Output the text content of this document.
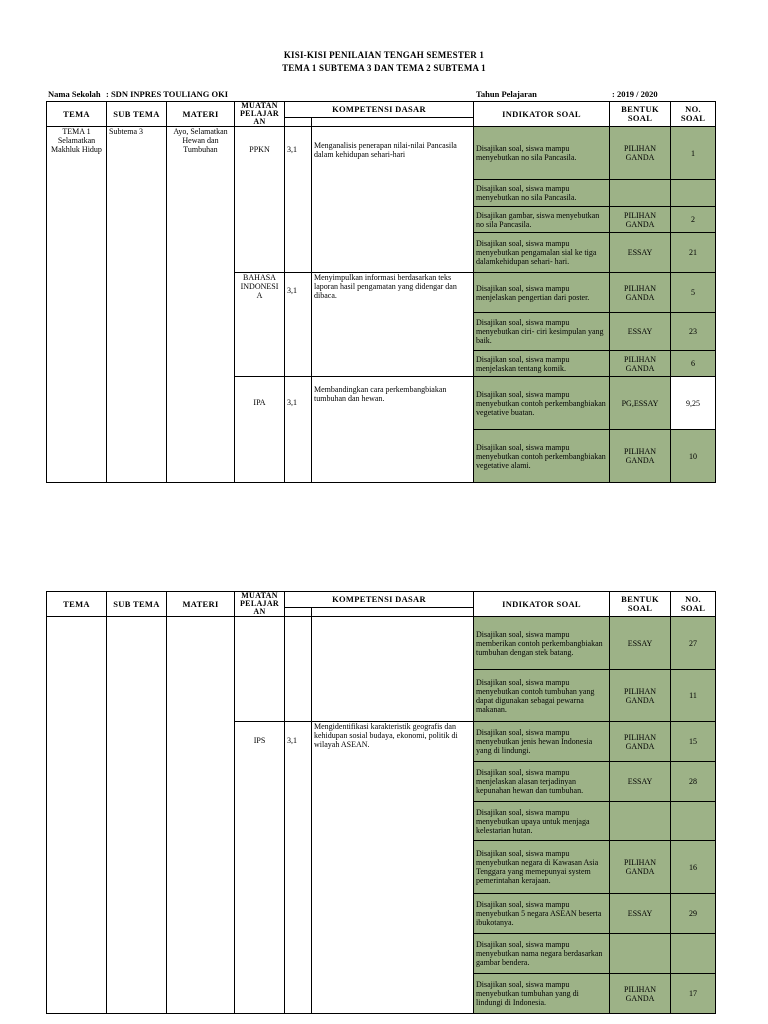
KISI-KISI PENILAIAN TENGAH SEMESTER 1
TEMA 1 SUBTEMA 3 DAN TEMA 2 SUBTEMA 1
Nama Sekolah : SDN INPRES TOULIANG OKI	Tahun Pelajaran	: 2019 / 2020
TEMA	SUB TEMA	MATERI	MUATAN PELAJAR AN	KOMPETENSI DASAR		INDIKATOR SOAL	BENTUK SOAL	NO. SOAL

TEMA 1 Selamatkan Makhluk Hidup	Subtema 3	Ayo, Selamatkan Hewan dan Tumbuhan	PPKN	3,1	Menganalisis penerapan nilai-nilai Pancasila dalam kehidupan sehari-hari	Disajikan soal, siswa mampu menyebutkan no sila Pancasila.	PILIHAN GANDA	1
						Disajikan soal, siswa mampu menyebutkan no sila Pancasila.		
						Disajikan gambar, siswa menyebutkan no sila Pancasila.	PILIHAN GANDA	2
						Disajikan soal, siswa mampu menyebutkan pengamalan sial ke tiga dalamkehidupan sehari- hari.	ESSAY	21
			BAHASA INDONESI A	3,1	Menyimpulkan informasi berdasarkan teks laporan hasil pengamatan yang didengar dan dibaca.	Disajikan soal, siswa mampu menjelaskan pengertian dari poster.	PILIHAN GANDA	5
						Disajikan soal, siswa mampu menyebutkan ciri- ciri kesimpulan yang baik.	ESSAY	23
						Disajikan soal, siswa mampu menjelaskan tentang komik.	PILIHAN GANDA	6
			IPA	3,1	Membandingkan cara perkembangbiakan tumbuhan dan hewan.	Disajikan soal, siswa mampu menyebutkan contoh perkembangbiakan vegetative buatan.	PG,ESSAY	9,25
						Disajikan soal, siswa mampu menyebutkan contoh perkembangbiakan vegetative alami.	PILIHAN GANDA	10
TEMA	SUB TEMA	MATERI	MUATAN PELAJAR AN	KOMPETENSI DASAR		INDIKATOR SOAL	BENTUK SOAL	NO. SOAL

						Disajikan soal, siswa mampu memberikan contoh perkembangbiakan tumbuhan dengan stek batang.	ESSAY	27
						Disajikan soal, siswa mampu menyebutkan contoh tumbuhan yang dapat digunakan sebagai pewarna makanan.	PILIHAN GANDA	11
			IPS	3,1	Mengidentifikasi karakteristik geografis dan kehidupan sosial budaya, ekonomi, politik di wilayah ASEAN.	Disajikan soal, siswa mampu menyebutkan jenis hewan Indonesia yang di lindungi.	PILIHAN GANDA	15
						Disajikan soal, siswa mampu menjelaskan alasan terjadinyan kepunahan hewan dan tumbuhan.	ESSAY	28
						Disajikan soal, siswa mampu menyebutkan upaya untuk menjaga kelestarian hutan.		
						Disajikan soal, siswa mampu menyebutkan negara di Kawasan Asia Tenggara yang memepunyai system pemerintahan kerajaan.	PILIHAN GANDA	16
						Disajikan soal, siswa mampu menyebutkan 5 negara ASEAN beserta ibukotanya.	ESSAY	29
						Disajikan soal, siswa mampu menyebutkan nama negara berdasarkan gambar bendera.		
						Disajikan soal, siswa mampu menyebutkan tumbuhan yang di lindungi di Indonesia.	PILIHAN GANDA	17
